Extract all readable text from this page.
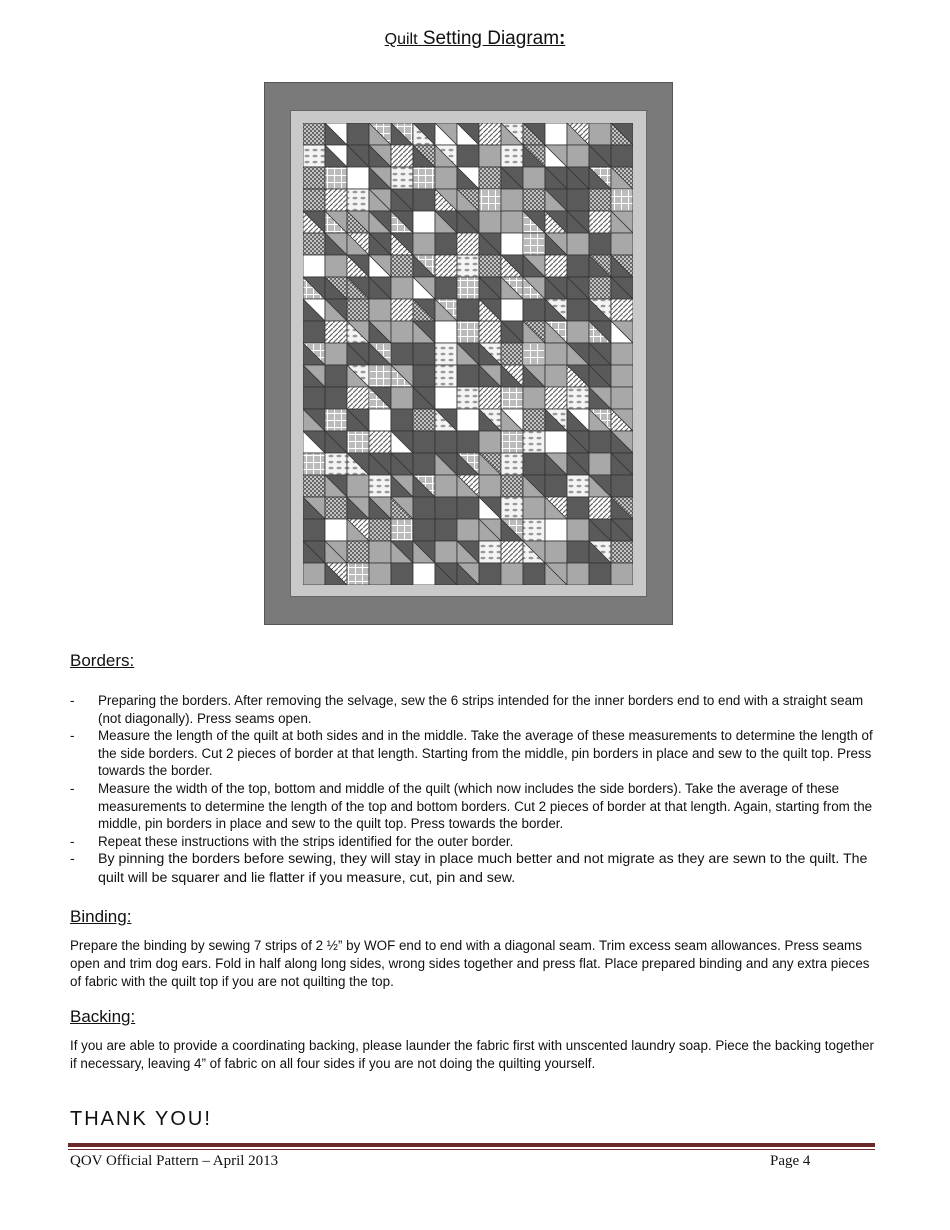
Quilt Setting Diagram:
Borders:
- Preparing the borders. After removing the selvage, sew the 6 strips intended for the inner borders end to end with a straight seam (not diagonally). Press seams open.
- Measure the length of the quilt at both sides and in the middle. Take the average of these measurements to determine the length of the side borders. Cut 2 pieces of border at that length. Starting from the middle, pin borders in place and sew to the quilt top. Press towards the border.
- Measure the width of the top, bottom and middle of the quilt (which now includes the side borders). Take the average of these measurements to determine the length of the top and bottom borders. Cut 2 pieces of border at that length. Again, starting from the middle, pin borders in place and sew to the quilt top. Press towards the border.
- Repeat these instructions with the strips identified for the outer border.
- By pinning the borders before sewing, they will stay in place much better and not migrate as they are sewn to the quilt. The quilt will be squarer and lie flatter if you measure, cut, pin and sew.
Binding:

Prepare the binding by sewing 7 strips of 2 ½” by WOF end to end with a diagonal seam. Trim excess seam allowances. Press seams open and trim dog ears. Fold in half along long sides, wrong sides together and press flat. Place prepared binding and any extra pieces of fabric with the quilt top if you are not quilting the top.

Backing:

If you are able to provide a coordinating backing, please launder the fabric first with unscented laundry soap. Piece the backing together if necessary, leaving 4” of fabric on all four sides if you are not doing the quilting yourself.

THANK YOU!

QOV Official Pattern – April 2013	Page 4
